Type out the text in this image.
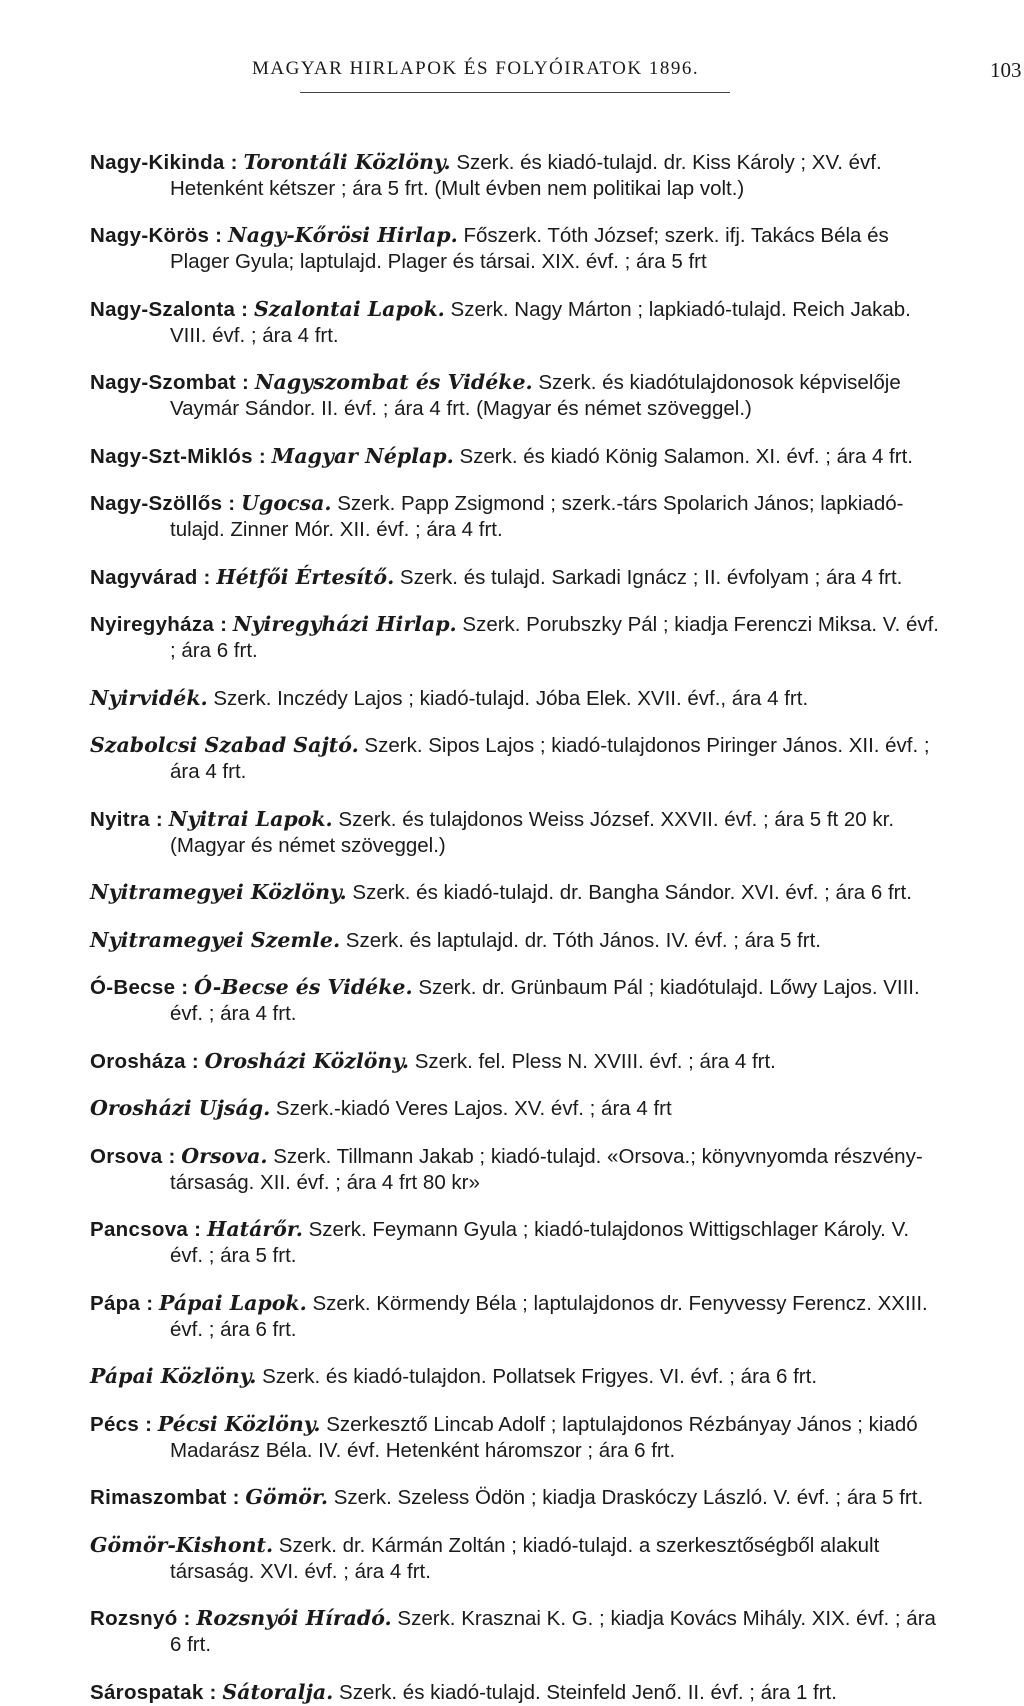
MAGYAR HIRLAPOK ÉS FOLYÓIRATOK 1896.	103

Nagy-Kikinda : Torontáli Közlöny. Szerk. és kiadó-tulajd. dr. Kiss Károly ; XV. évf. Hetenként kétszer ; ára 5 frt. (Mult évben nem politikai lap volt.)

Nagy-Körös : Nagy-Kőrösi Hirlap. Főszerk. Tóth József; szerk. ifj. Takács Béla és Plager Gyula; laptulajd. Plager és társai. XIX. évf. ; ára 5 frt

Nagy-Szalonta : Szalontai Lapok. Szerk. Nagy Márton ; lapkiadó-tulajd. Reich Jakab. VIII. évf. ; ára 4 frt.

Nagy-Szombat : Nagyszombat és Vidéke. Szerk. és kiadótulajdonosok képviselője Vaymár Sándor. II. évf. ; ára 4 frt. (Magyar és német szöveggel.)

Nagy-Szt-Miklós : Magyar Néplap. Szerk. és kiadó König Salamon. XI. évf. ; ára 4 frt.

Nagy-Szöllős : Ugocsa. Szerk. Papp Zsigmond ; szerk.-társ Spolarich János; lapkiadó-tulajd. Zinner Mór. XII. évf. ; ára 4 frt.

Nagyvárad : Hétfői Értesítő. Szerk. és tulajd. Sarkadi Ignácz ; II. évfolyam ; ára 4 frt.

Nyiregyháza : Nyiregyházi Hirlap. Szerk. Porubszky Pál ; kiadja Ferenczi Miksa. V. évf. ; ára 6 frt.

Nyirvidék. Szerk. Inczédy Lajos ; kiadó-tulajd. Jóba Elek. XVII. évf., ára 4 frt.

Szabolcsi Szabad Sajtó. Szerk. Sipos Lajos ; kiadó-tulajdonos Piringer János. XII. évf. ; ára 4 frt.

Nyitra : Nyitrai Lapok. Szerk. és tulajdonos Weiss József. XXVII. évf. ; ára 5 ft 20 kr. (Magyar és német szöveggel.)

Nyitramegyei Közlöny. Szerk. és kiadó-tulajd. dr. Bangha Sándor. XVI. évf. ; ára 6 frt.

Nyitramegyei Szemle. Szerk. és laptulajd. dr. Tóth János. IV. évf. ; ára 5 frt.

Ó-Becse : Ó-Becse és Vidéke. Szerk. dr. Grünbaum Pál ; kiadótulajd. Lőwy Lajos. VIII. évf. ; ára 4 frt.

Orosháza : Orosházi Közlöny. Szerk. fel. Pless N. XVIII. évf. ; ára 4 frt.

Orosházi Ujság. Szerk.-kiadó Veres Lajos. XV. évf. ; ára 4 frt

Orsova : Orsova. Szerk. Tillmann Jakab ; kiadó-tulajd. «Orsova.; könyvnyomda részvény-társaság. XII. évf. ; ára 4 frt 80 kr»

Pancsova : Határőr. Szerk. Feymann Gyula ; kiadó-tulajdonos Wittigschlager Károly. V. évf. ; ára 5 frt.

Pápa : Pápai Lapok. Szerk. Körmendy Béla ; laptulajdonos dr. Fenyvessy Ferencz. XXIII. évf. ; ára 6 frt.

Pápai Közlöny. Szerk. és kiadó-tulajdon. Pollatsek Frigyes. VI. évf. ; ára 6 frt.

Pécs : Pécsi Közlöny. Szerkesztő Lincab Adolf ; laptulajdonos Rézbányay János ; kiadó Madarász Béla. IV. évf. Hetenként háromszor ; ára 6 frt.

Rimaszombat : Gömör. Szerk. Szeless Ödön ; kiadja Draskóczy László. V. évf. ; ára 5 frt.

Gömör-Kishont. Szerk. dr. Kármán Zoltán ; kiadó-tulajd. a szerkesztőségből alakult társaság. XVI. évf. ; ára 4 frt.

Rozsnyó : Rozsnyói Híradó. Szerk. Krasznai K. G. ; kiadja Kovács Mihály. XIX. évf. ; ára 6 frt.

Sárospatak : Sátoralja. Szerk. és kiadó-tulajd. Steinfeld Jenő. II. évf. ; ára 1 frt.
